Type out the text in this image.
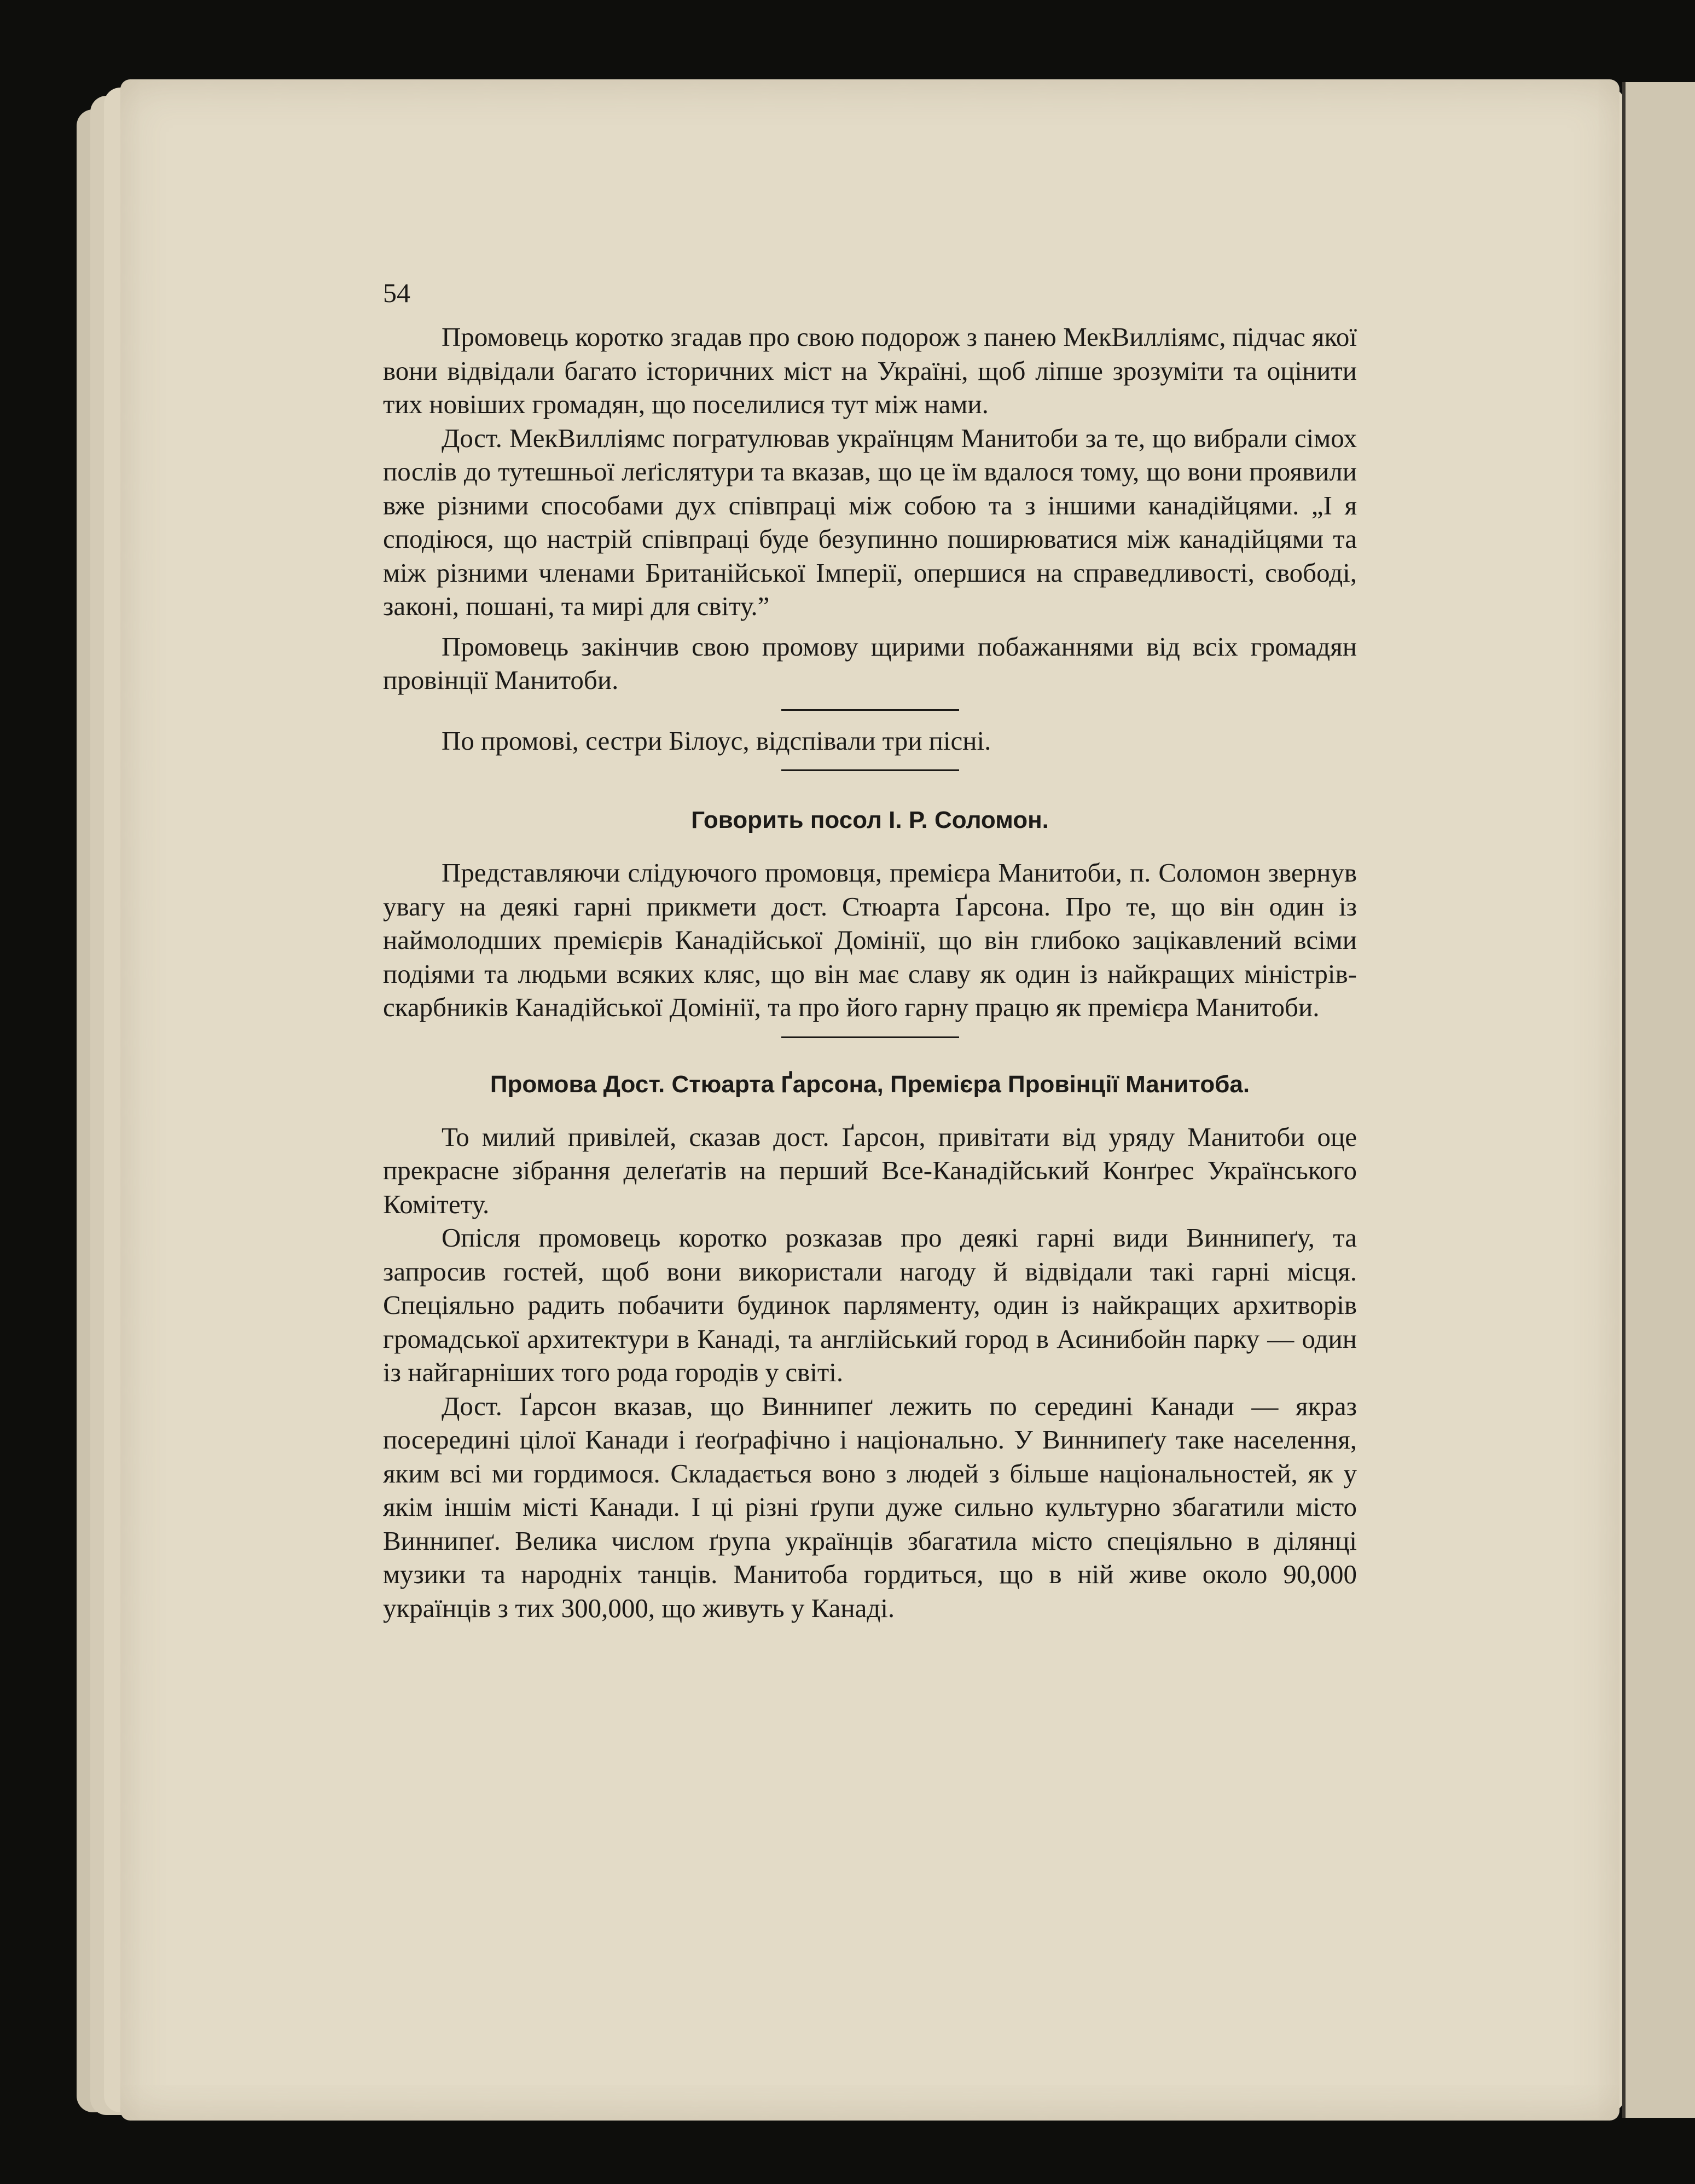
54

Промовець коротко згадав про свою подорож з панею МекВилліямс, підчас якої вони відвідали багато історичних міст на Україні, щоб ліпше зрозуміти та оцінити тих новіших громадян, що поселилися тут між нами.

Дост. МекВилліямс погратулював українцям Манитоби за те, що вибрали сімох послів до тутешньої леґіслятури та вказав, що це їм вдалося тому, що вони проявили вже різними способами дух співпраці між собою та з іншими канадійцями. „І я сподіюся, що настрій співпраці буде безупинно поширюватися між канадійцями та між різними членами Британійської Імперії, опершися на справедливості, свободі, законі, пошані, та мирі для світу.”

Промовець закінчив свою промову щирими побажаннями від всіх громадян провінції Манитоби.

По промові, сестри Білоус, відспівали три пісні.

Говорить посол І. Р. Соломон.

Представляючи слідуючого промовця, премієра Манитоби, п. Соломон звернув увагу на деякі гарні прикмети дост. Стюарта Ґарсона. Про те, що він один із наймолодших премієрів Канадійської Домінії, що він глибоко зацікавлений всіми подіями та людьми всяких кляс, що він має славу як один із найкращих міністрів-скарбників Канадійської Домінії, та про його гарну працю як премієра Манитоби.

Промова Дост. Стюарта Ґарсона, Премієра Провінції Манитоба.

То милий привілей, сказав дост. Ґарсон, привітати від уряду Манитоби оце прекрасне зібрання делеґатів на перший Все-Канадійський Конґрес Українського Комітету.

Опісля промовець коротко розказав про деякі гарні види Виннипеґу, та запросив гостей, щоб вони використали нагоду й відвідали такі гарні місця. Спеціяльно радить побачити будинок парляменту, один із найкращих архитворів громадської архитектури в Канаді, та англійський город в Асинибойн парку — один із найгарніших того рода городів у світі.

Дост. Ґарсон вказав, що Виннипеґ лежить по середині Канади — якраз посередині цілої Канади і ґеоґрафічно і національно. У Виннипеґу таке населення, яким всі ми гордимося. Складається воно з людей з більше національностей, як у якім іншім місті Канади. І ці різні ґрупи дуже сильно культурно збагатили місто Виннипеґ. Велика числом ґрупа українців збагатила місто спеціяльно в ділянці музики та народніх танців. Манитоба гордиться, що в ній живе около 90,000 українців з тих 300,000, що живуть у Канаді.
